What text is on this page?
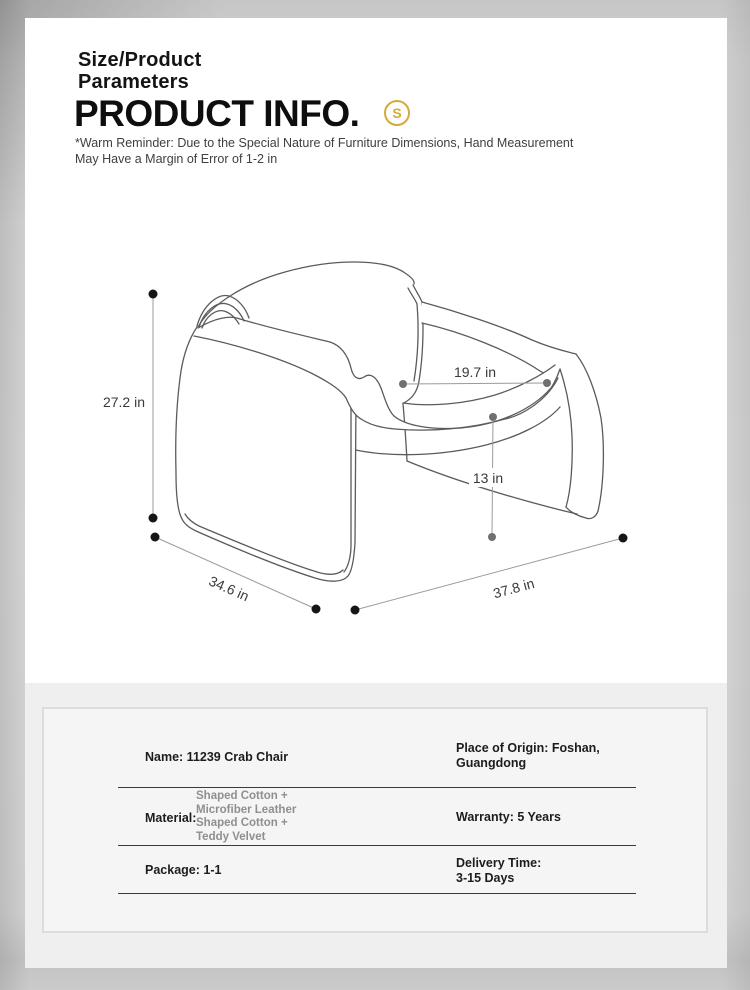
Size/Product
Parameters
PRODUCT INFO. S
*Warm Reminder: Due to the Special Nature of Furniture Dimensions, Hand Measurement
May Have a Margin of Error of 1-2 in
27.2 in
19.7 in
13 in
34.6 in	37.8 in
Name: 11239 Crab Chair
Place of Origin: Foshan,
Guangdong
Material:
Shaped Cotton +
Microfiber Leather
Shaped Cotton +
Teddy Velvet
Warranty: 5 Years
Package: 1-1	Delivery Time:
3-15 Days
